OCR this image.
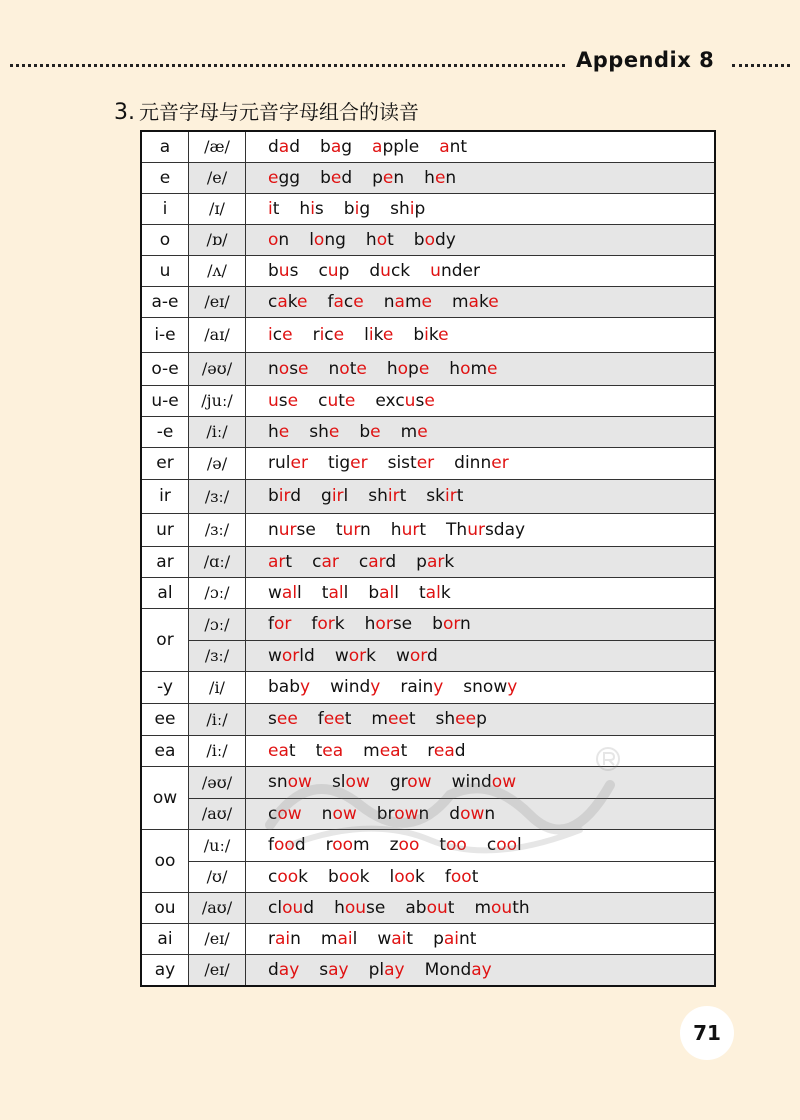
Appendix 8
3. 元音字母与元音字母组合的读音
a	/æ/	dad bag apple ant
e	/e/	egg bed pen hen
i	/ɪ/	it his big ship
o	/ɒ/	on long hot body
u	/ʌ/	bus cup duck under
a-e	/eɪ/	cake face name make
i-e	/aɪ/	ice rice like bike
o-e	/əʊ/	nose note hope home
u-e	/juː/	use cute excuse
-e	/iː/	he she be me
er	/ə/	ruler tiger sister dinner
ir	/ɜː/	bird girl shirt skirt
ur	/ɜː/	nurse turn hurt Thursday
ar	/ɑː/	art car card park
al	/ɔː/	wall tall ball talk
or	/ɔː/	for fork horse born
	/ɜː/	world work word
-y	/i/	baby windy rainy snowy
ee	/iː/	see feet meet sheep
ea	/iː/	eat tea meat read
ow	/əʊ/	snow slow grow window
	/aʊ/	cow now brown down
oo	/uː/	food room zoo too cool
	/ʊ/	cook book look foot
ou	/aʊ/	cloud house about mouth
ai	/eɪ/	rain mail wait paint
ay	/eɪ/	day say play Monday
71
